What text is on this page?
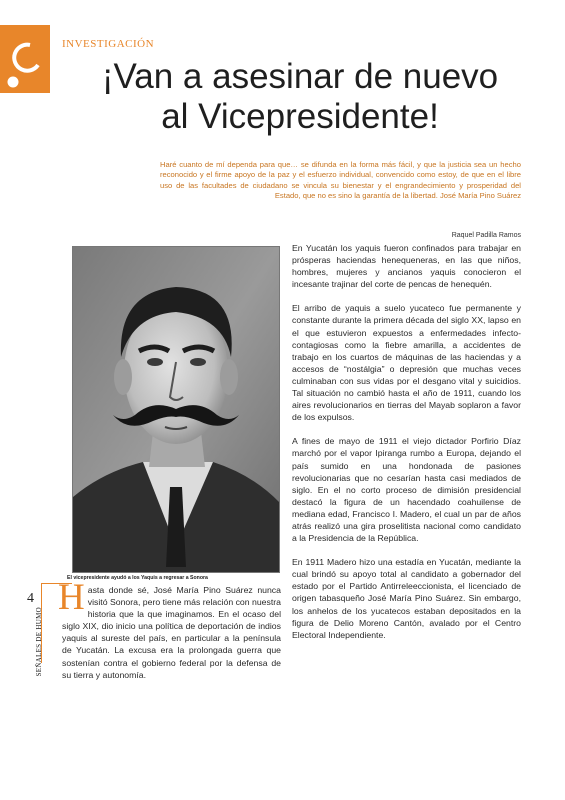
INVESTIGACIÓN
¡Van a asesinar de nuevo
al Vicepresidente!

Haré cuanto de mí dependa para que… se difunda en la forma más fácil, y que la justicia sea un hecho reconocido y el firme apoyo de la paz y el esfuerzo individual, convencido como estoy, de que en el libre uso de las facultades de ciudadano se vincula su bienestar y el engrandecimiento y prosperidad del Estado, que no es sino la garantía de la libertad. José María Pino Suárez

Raquel Padilla Ramos
El vicepresidente ayudó a los Yaquis a regresar a Sonora

En Yucatán los yaquis fueron confinados para trabajar en prósperas haciendas henequeneras, en las que niños, hombres, mujeres y ancianos yaquis conocieron el incesante trajinar del corte de pencas de henequén.

El arribo de yaquis a suelo yucateco fue permanente y constante durante la primera década del siglo XX, lapso en el que estuvieron expuestos a enfermedades infecto-contagiosas como la fiebre amarilla, a accidentes de trabajo en los cuartos de máquinas de las haciendas y a accesos de “nostálgia” o depresión que muchas veces culminaban con sus vidas por el desgano vital y suicidios. Tal situación no cambió hasta el año de 1911, cuando los aires revolucionarios en tierras del Mayab soplaron a favor de los expulsos.

A fines de mayo de 1911 el viejo dictador Porfirio Díaz marchó por el vapor Ipiranga rumbo a Europa, dejando el país sumido en una hondonada de pasiones revolucionarias que no cesarían hasta casi mediados de siglo. En el no corto proceso de dimisión presidencial destacó la figura de un hacendado coahuilense de mediana edad, Francisco I. Madero, el cual un par de años atrás realizó una gira proselitista nacional como candidato a la Presidencia de la República.

En 1911 Madero hizo una estadía en Yucatán, mediante la cual brindó su apoyo total al candidato a gobernador del estado por el Partido Antirreleeccionista, el licenciado de origen tabasqueño José María Pino Suárez. Sin embargo, los anhelos de los yucatecos estaban depositados en la figura de Delio Moreno Cantón, avalado por el Centro Electoral Independiente.

Hasta donde sé, José María Pino Suárez nunca visitó Sonora, pero tiene más relación con nuestra historia que la que imaginamos. En el ocaso del siglo XIX, dio inicio una política de deportación de indios yaquis al sureste del país, en particular a la península de Yucatán. La excusa era la prolongada guerra que sostenían contra el gobierno federal por la defensa de su tierra y autonomía.

4
SEÑALES DE HUMO
